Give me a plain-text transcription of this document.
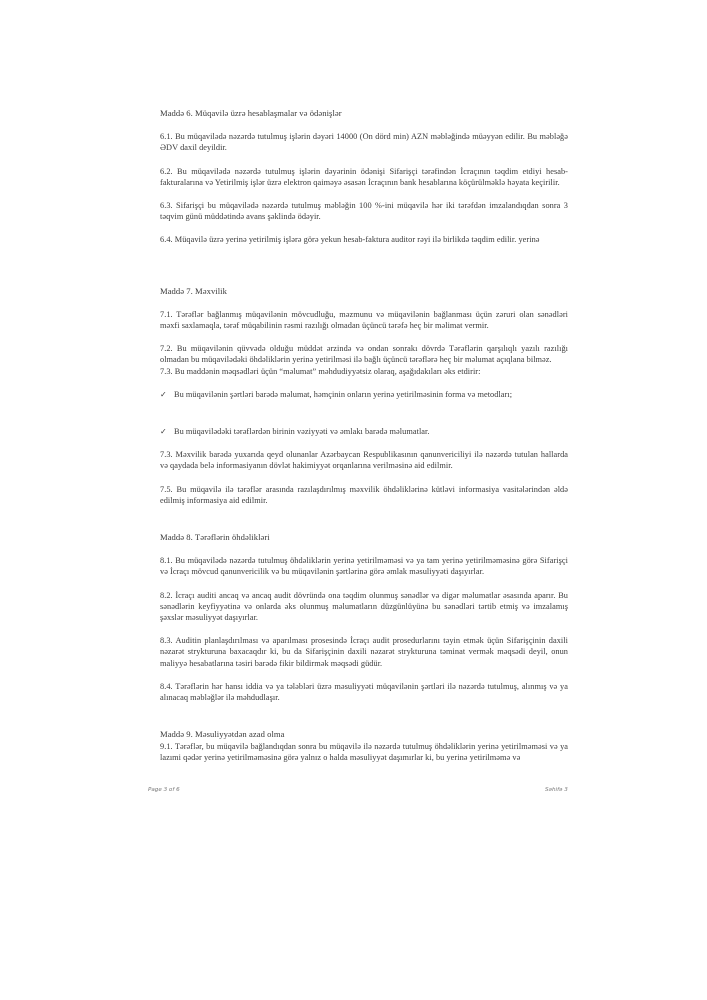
Maddə 6. Müqavilə üzrə hesablaşmalar və ödənişlər
6.1. Bu müqavilədə nəzərdə tutulmuş işlərin dəyəri 14000 (On dörd min) AZN məbləğində müəyyən edilir. Bu məbləğə ƏDV daxil deyildir.
6.2. Bu müqavilədə nəzərdə tutulmuş işlərin dəyərinin ödənişi Sifarişçi tərəfindən İcraçının təqdim etdiyi hesab-fakturalarına və Yetirilmiş işlər üzrə elektron qaiməyə əsasən İcraçının bank hesablarına köçürülməklə həyata keçirilir.
6.3. Sifarişçi bu müqavilədə nəzərdə tutulmuş məbləğin 100 %-ini müqavilə hər iki tərəfdən imzalandıqdan sonra 3 təqvim günü müddətində avans şəklində ödəyir.
6.4. Müqavilə üzrə yerinə yetirilmiş işlərə görə yekun hesab-faktura auditor rəyi ilə birlikdə təqdim edilir. yerinə
Maddə 7. Məxvilik
7.1. Tərəflər bağlanmış müqavilənin mövcudluğu, məzmunu və müqavilənin bağlanması üçün zəruri olan sənədləri məxfi saxlamaqla, tərəf müqabilinin rəsmi razılığı olmadan üçüncü tərəfə heç bir məlimat vermir.
7.2. Bu müqavilənin qüvvədə olduğu müddət ərzində və ondan sonrakı dövrdə Tərəflərin qarşılıqlı yazılı razılığı olmadan bu müqavilədəki öhdəliklərin yerinə yetirilməsi ilə bağlı üçüncü tərəflərə heç bir məlumat açıqlana bilməz.
7.3. Bu maddənin məqsədləri üçün “məlumat” məhdudiyyətsiz olaraq, aşağıdakıları əks etdirir:
✓ Bu müqavilənin şərtləri barədə məlumat, həmçinin onların yerinə yetirilməsinin forma və metodları;
✓ Bu müqavilədəki tərəflərdən birinin vəziyyəti və əmlakı barədə məlumatlar.
7.3. Məxvilik barədə yuxarıda qeyd olunanlar Azərbaycan Respublikasının qanunvericiliyi ilə nəzərdə tutulan hallarda və qaydada belə informasiyanın dövlət hakimiyyət orqanlarına verilməsinə aid edilmir.
7.5. Bu müqavilə ilə tərəflər arasında razılaşdırılmış məxvilik öhdəliklərinə kütləvi informasiya vasitələrindən əldə edilmiş informasiya aid edilmir.
Maddə 8. Tərəflərin öhdəlikləri
8.1. Bu müqavilədə nəzərdə tutulmuş öhdəliklərin yerinə yetirilməməsi və ya tam yerinə yetirilməməsinə görə Sifarişçi və İcraçı mövcud qanunvericilik və bu müqavilənin şərtlərinə görə əmlak məsuliyyəti daşıyırlar.
8.2. İcraçı auditi ancaq və ancaq audit dövründə ona təqdim olunmuş sənədlər və digər məlumatlar əsasında aparır. Bu sənədlərin keyfiyyətinə və onlarda əks olunmuş məlumatların düzgünlüyünə bu sənədləri tərtib etmiş və imzalamış şəxslər məsuliyyət daşıyırlar.
8.3. Auditin planlaşdırılması və aparılması prosesində İcraçı audit prosedurlarını təyin etmək üçün Sifarişçinin daxili nəzarət strykturuna baxacaqdır ki, bu da Sifarişçinin daxili nəzarət strykturuna təminat vermək məqsədi deyil, onun maliyyə hesabatlarına təsiri barədə fikir bildirmək məqsədi güdür.
8.4. Tərəflərin hər hansı iddia və ya tələbləri üzrə məsuliyyəti müqavilənin şərtləri ilə nəzərdə tutulmuş, alınmış və ya alınacaq məbləğlər ilə məhdudlaşır.
Maddə 9. Məsuliyyətdən azad olma
9.1. Tərəflər, bu müqavilə bağlandıqdan sonra bu müqavilə ilə nəzərdə tutulmuş öhdəliklərin yerinə yetirilməməsi və ya lazımi qədər yerinə yetirilməməsinə görə yalnız o halda məsuliyyət daşımırlar ki, bu yerinə yetirilməmə və
Page 3 of 6	Səhifə 3
